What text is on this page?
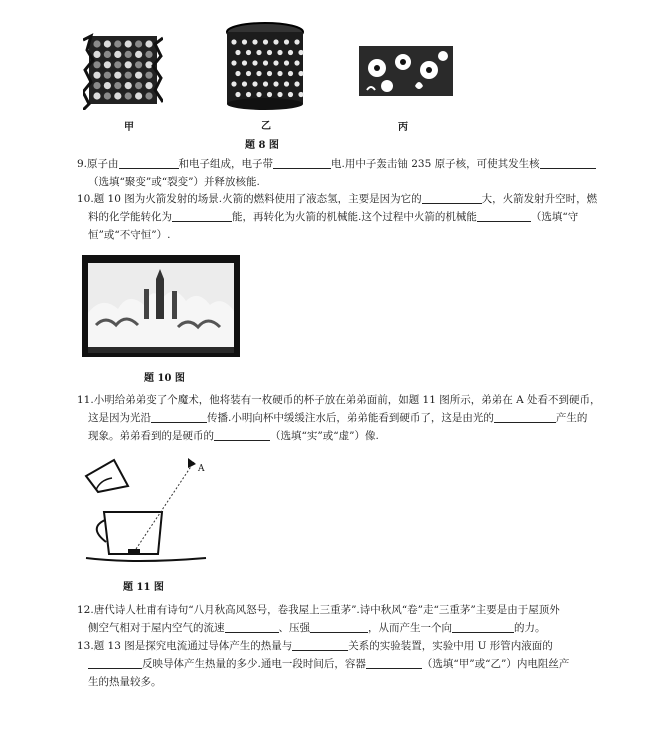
甲	乙	丙
题 8 图

9.原子由	和电子组成，电子带	电.用中子轰击铀 235 原子核，可使其发生核

（选填“聚变”或“裂变”）并释放核能.

10.题 10 图为火箭发射的场景.火箭的燃料使用了液态氢，主要是因为它的	大，火箭发射升空时，燃

料的化学能转化为	能，再转化为火箭的机械能.这个过程中火箭的机械能	（选填“守

恒”或“不守恒”）.

题 10 图

11.小明给弟弟变了个魔术，他将装有一枚硬币的杯子放在弟弟面前，如题 11 图所示，弟弟在 A 处看不到硬币，

这是因为光沿	传播.小明向杯中缓缓注水后，弟弟能看到硬币了，这是由光的	产生的

现象。弟弟看到的是硬币的	（选填“实”或“虚”）像.

A
题 11 图

12.唐代诗人杜甫有诗句“八月秋高风怒号，卷我屋上三重茅”.诗中秋风“卷”走“三重茅”主要是由于屋顶外

侧空气相对于屋内空气的流速	、压强	，从而产生一个向	的力。

13.题 13 图是探究电流通过导体产生的热量与	关系的实验装置，实验中用 U 形管内液面的

反映导体产生热量的多少.通电一段时间后，容器	（选填“甲”或“乙”）内电阻丝产

生的热量较多。
